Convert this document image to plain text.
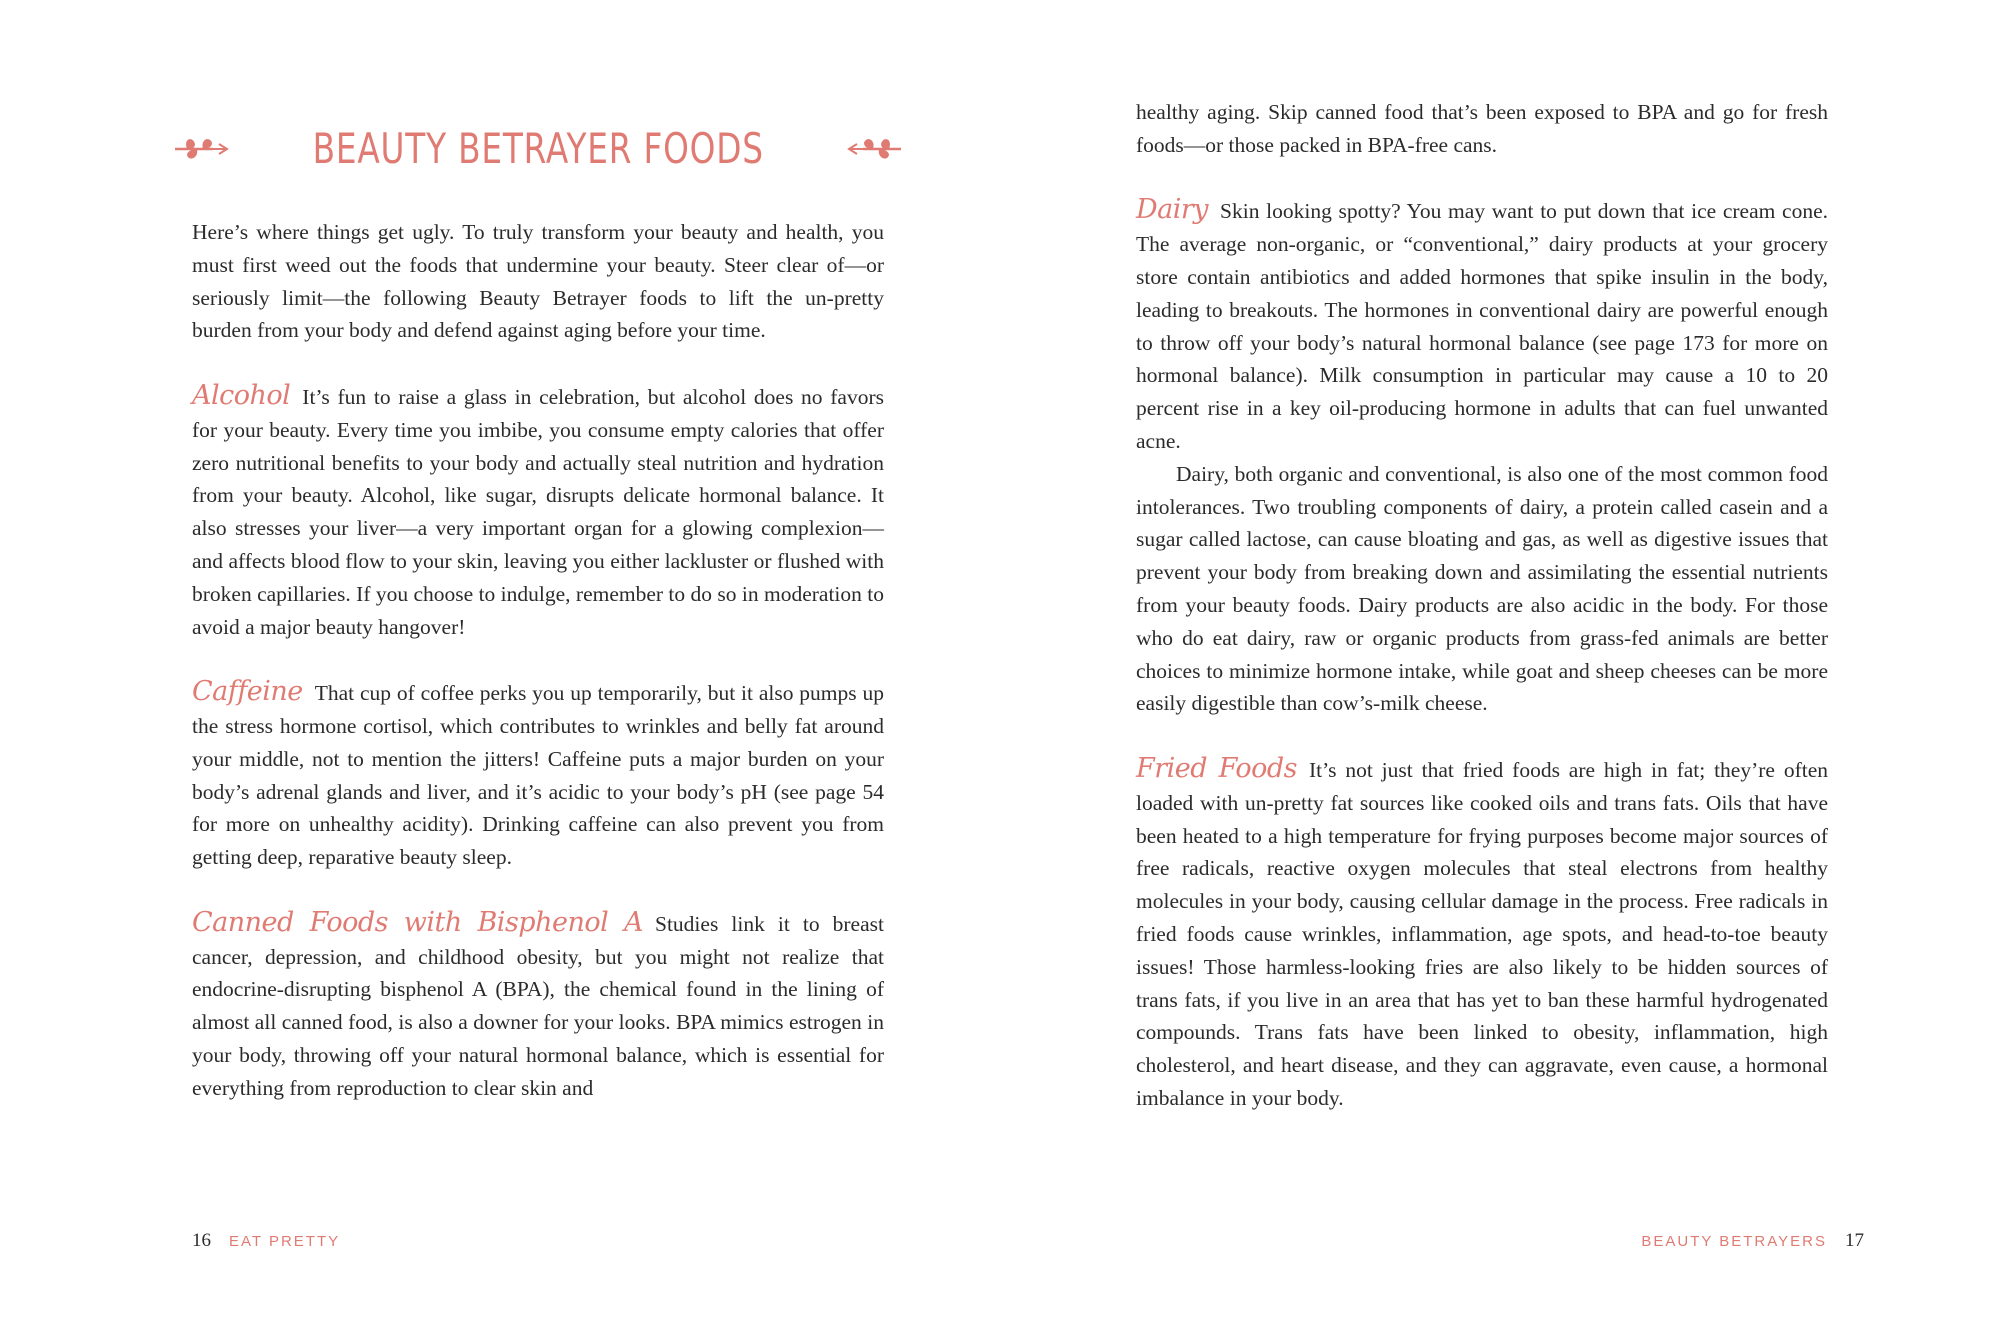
BEAUTY BETRAYER FOODS

Here’s where things get ugly. To truly transform your beauty and health, you must first weed out the foods that undermine your beauty. Steer clear of—or seriously limit—the following Beauty Betrayer foods to lift the un-pretty burden from your body and defend against aging before your time.

Alcohol It’s fun to raise a glass in celebration, but alcohol does no favors for your beauty. Every time you imbibe, you consume empty calories that offer zero nutritional benefits to your body and actually steal nutrition and hydration from your beauty. Alcohol, like sugar, disrupts delicate hormonal balance. It also stresses your liver—a very important organ for a glowing complexion—and affects blood flow to your skin, leaving you either lackluster or flushed with broken capillaries. If you choose to indulge, remember to do so in moderation to avoid a major beauty hangover!

Caffeine That cup of coffee perks you up temporarily, but it also pumps up the stress hormone cortisol, which contributes to wrinkles and belly fat around your middle, not to mention the jitters! Caffeine puts a major burden on your body’s adrenal glands and liver, and it’s acidic to your body’s pH (see page 54 for more on unhealthy acidity). Drinking caffeine can also prevent you from getting deep, reparative beauty sleep.

Canned Foods with Bisphenol A Studies link it to breast cancer, depression, and childhood obesity, but you might not realize that endocrine-disrupting bisphenol A (BPA), the chemical found in the lining of almost all canned food, is also a downer for your looks. BPA mimics estrogen in your body, throwing off your natural hormonal balance, which is essential for everything from reproduction to clear skin and

16 EAT PRETTY

healthy aging. Skip canned food that’s been exposed to BPA and go for fresh foods—or those packed in BPA-free cans.

Dairy Skin looking spotty? You may want to put down that ice cream cone. The average non-organic, or “conventional,” dairy products at your grocery store contain antibiotics and added hormones that spike insulin in the body, leading to breakouts. The hormones in conventional dairy are powerful enough to throw off your body’s natural hormonal balance (see page 173 for more on hormonal balance). Milk consumption in particular may cause a 10 to 20 percent rise in a key oil-producing hormone in adults that can fuel unwanted acne.

Dairy, both organic and conventional, is also one of the most common food intolerances. Two troubling components of dairy, a protein called casein and a sugar called lactose, can cause bloating and gas, as well as digestive issues that prevent your body from breaking down and assimilating the essential nutrients from your beauty foods. Dairy products are also acidic in the body. For those who do eat dairy, raw or organic products from grass-fed animals are better choices to minimize hormone intake, while goat and sheep cheeses can be more easily digestible than cow’s-milk cheese.

Fried Foods It’s not just that fried foods are high in fat; they’re often loaded with un-pretty fat sources like cooked oils and trans fats. Oils that have been heated to a high temperature for frying purposes become major sources of free radicals, reactive oxygen molecules that steal electrons from healthy molecules in your body, causing cellular damage in the process. Free radicals in fried foods cause wrinkles, inflammation, age spots, and head-to-toe beauty issues! Those harmless-looking fries are also likely to be hidden sources of trans fats, if you live in an area that has yet to ban these harmful hydrogenated compounds. Trans fats have been linked to obesity, inflammation, high cholesterol, and heart disease, and they can aggravate, even cause, a hormonal imbalance in your body.

BEAUTY BETRAYERS 17
